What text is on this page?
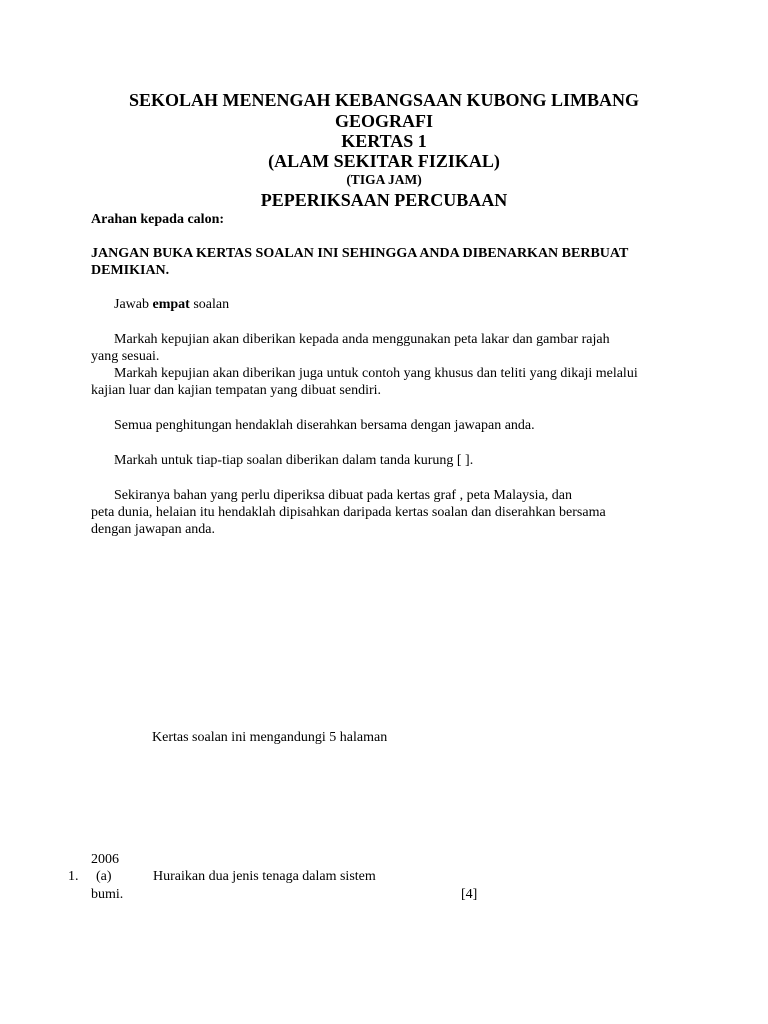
SEKOLAH MENENGAH KEBANGSAAN KUBONG LIMBANG
GEOGRAFI
KERTAS 1
(ALAM SEKITAR FIZIKAL)
(TIGA JAM)
PEPERIKSAAN PERCUBAAN
Arahan kepada calon:
JANGAN BUKA KERTAS SOALAN INI SEHINGGA ANDA DIBENARKAN BERBUAT
DEMIKIAN.
Jawab empat soalan
Markah kepujian akan diberikan kepada anda menggunakan peta lakar dan gambar rajah
yang sesuai.
Markah kepujian akan diberikan juga untuk contoh yang khusus dan teliti yang dikaji melalui
kajian luar dan kajian tempatan yang dibuat sendiri.
Semua penghitungan hendaklah diserahkan bersama dengan jawapan anda.
Markah untuk tiap-tiap soalan diberikan dalam tanda kurung [ ].
Sekiranya bahan yang perlu diperiksa dibuat pada kertas graf , peta Malaysia, dan
peta dunia, helaian itu hendaklah dipisahkan daripada kertas soalan dan diserahkan bersama
dengan jawapan anda.
Kertas soalan ini mengandungi 5 halaman
2006
1. (a)	Huraikan dua jenis tenaga dalam sistem
bumi.	[4]
